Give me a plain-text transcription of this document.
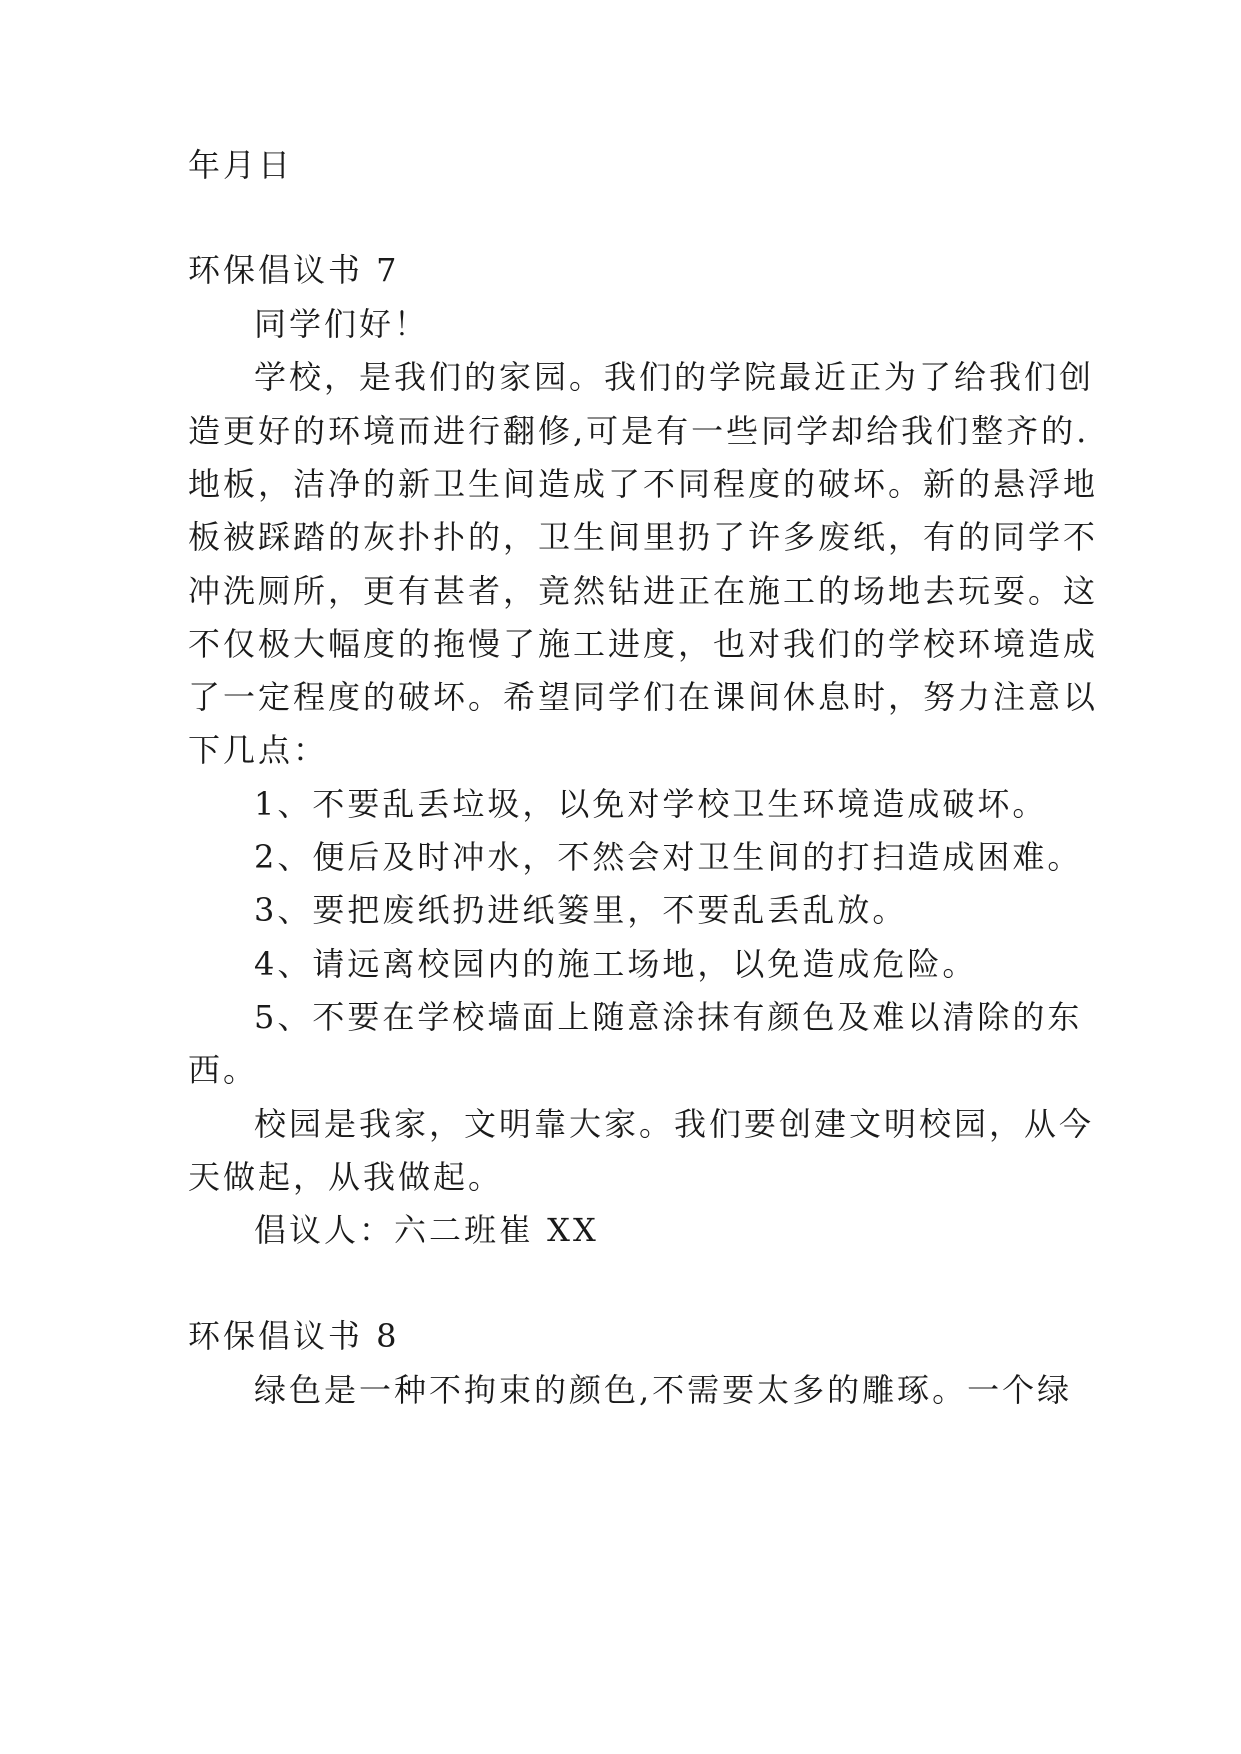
年月日
环保倡议书 7
同学们好！
学校，是我们的家园。我们的学院最近正为了给我们创
造更好的环境而进行翻修,可是有一些同学却给我们整齐的.
地板，洁净的新卫生间造成了不同程度的破坏。新的悬浮地
板被踩踏的灰扑扑的，卫生间里扔了许多废纸，有的同学不
冲洗厕所，更有甚者，竟然钻进正在施工的场地去玩耍。这
不仅极大幅度的拖慢了施工进度，也对我们的学校环境造成
了一定程度的破坏。希望同学们在课间休息时，努力注意以
下几点：
1、不要乱丢垃圾，以免对学校卫生环境造成破坏。
2、便后及时冲水，不然会对卫生间的打扫造成困难。
3、要把废纸扔进纸篓里，不要乱丢乱放。
4、请远离校园内的施工场地，以免造成危险。
5、不要在学校墙面上随意涂抹有颜色及难以清除的东
西。
校园是我家，文明靠大家。我们要创建文明校园，从今
天做起，从我做起。
倡议人：六二班崔 XX
环保倡议书 8
绿色是一种不拘束的颜色,不需要太多的雕琢。一个绿
